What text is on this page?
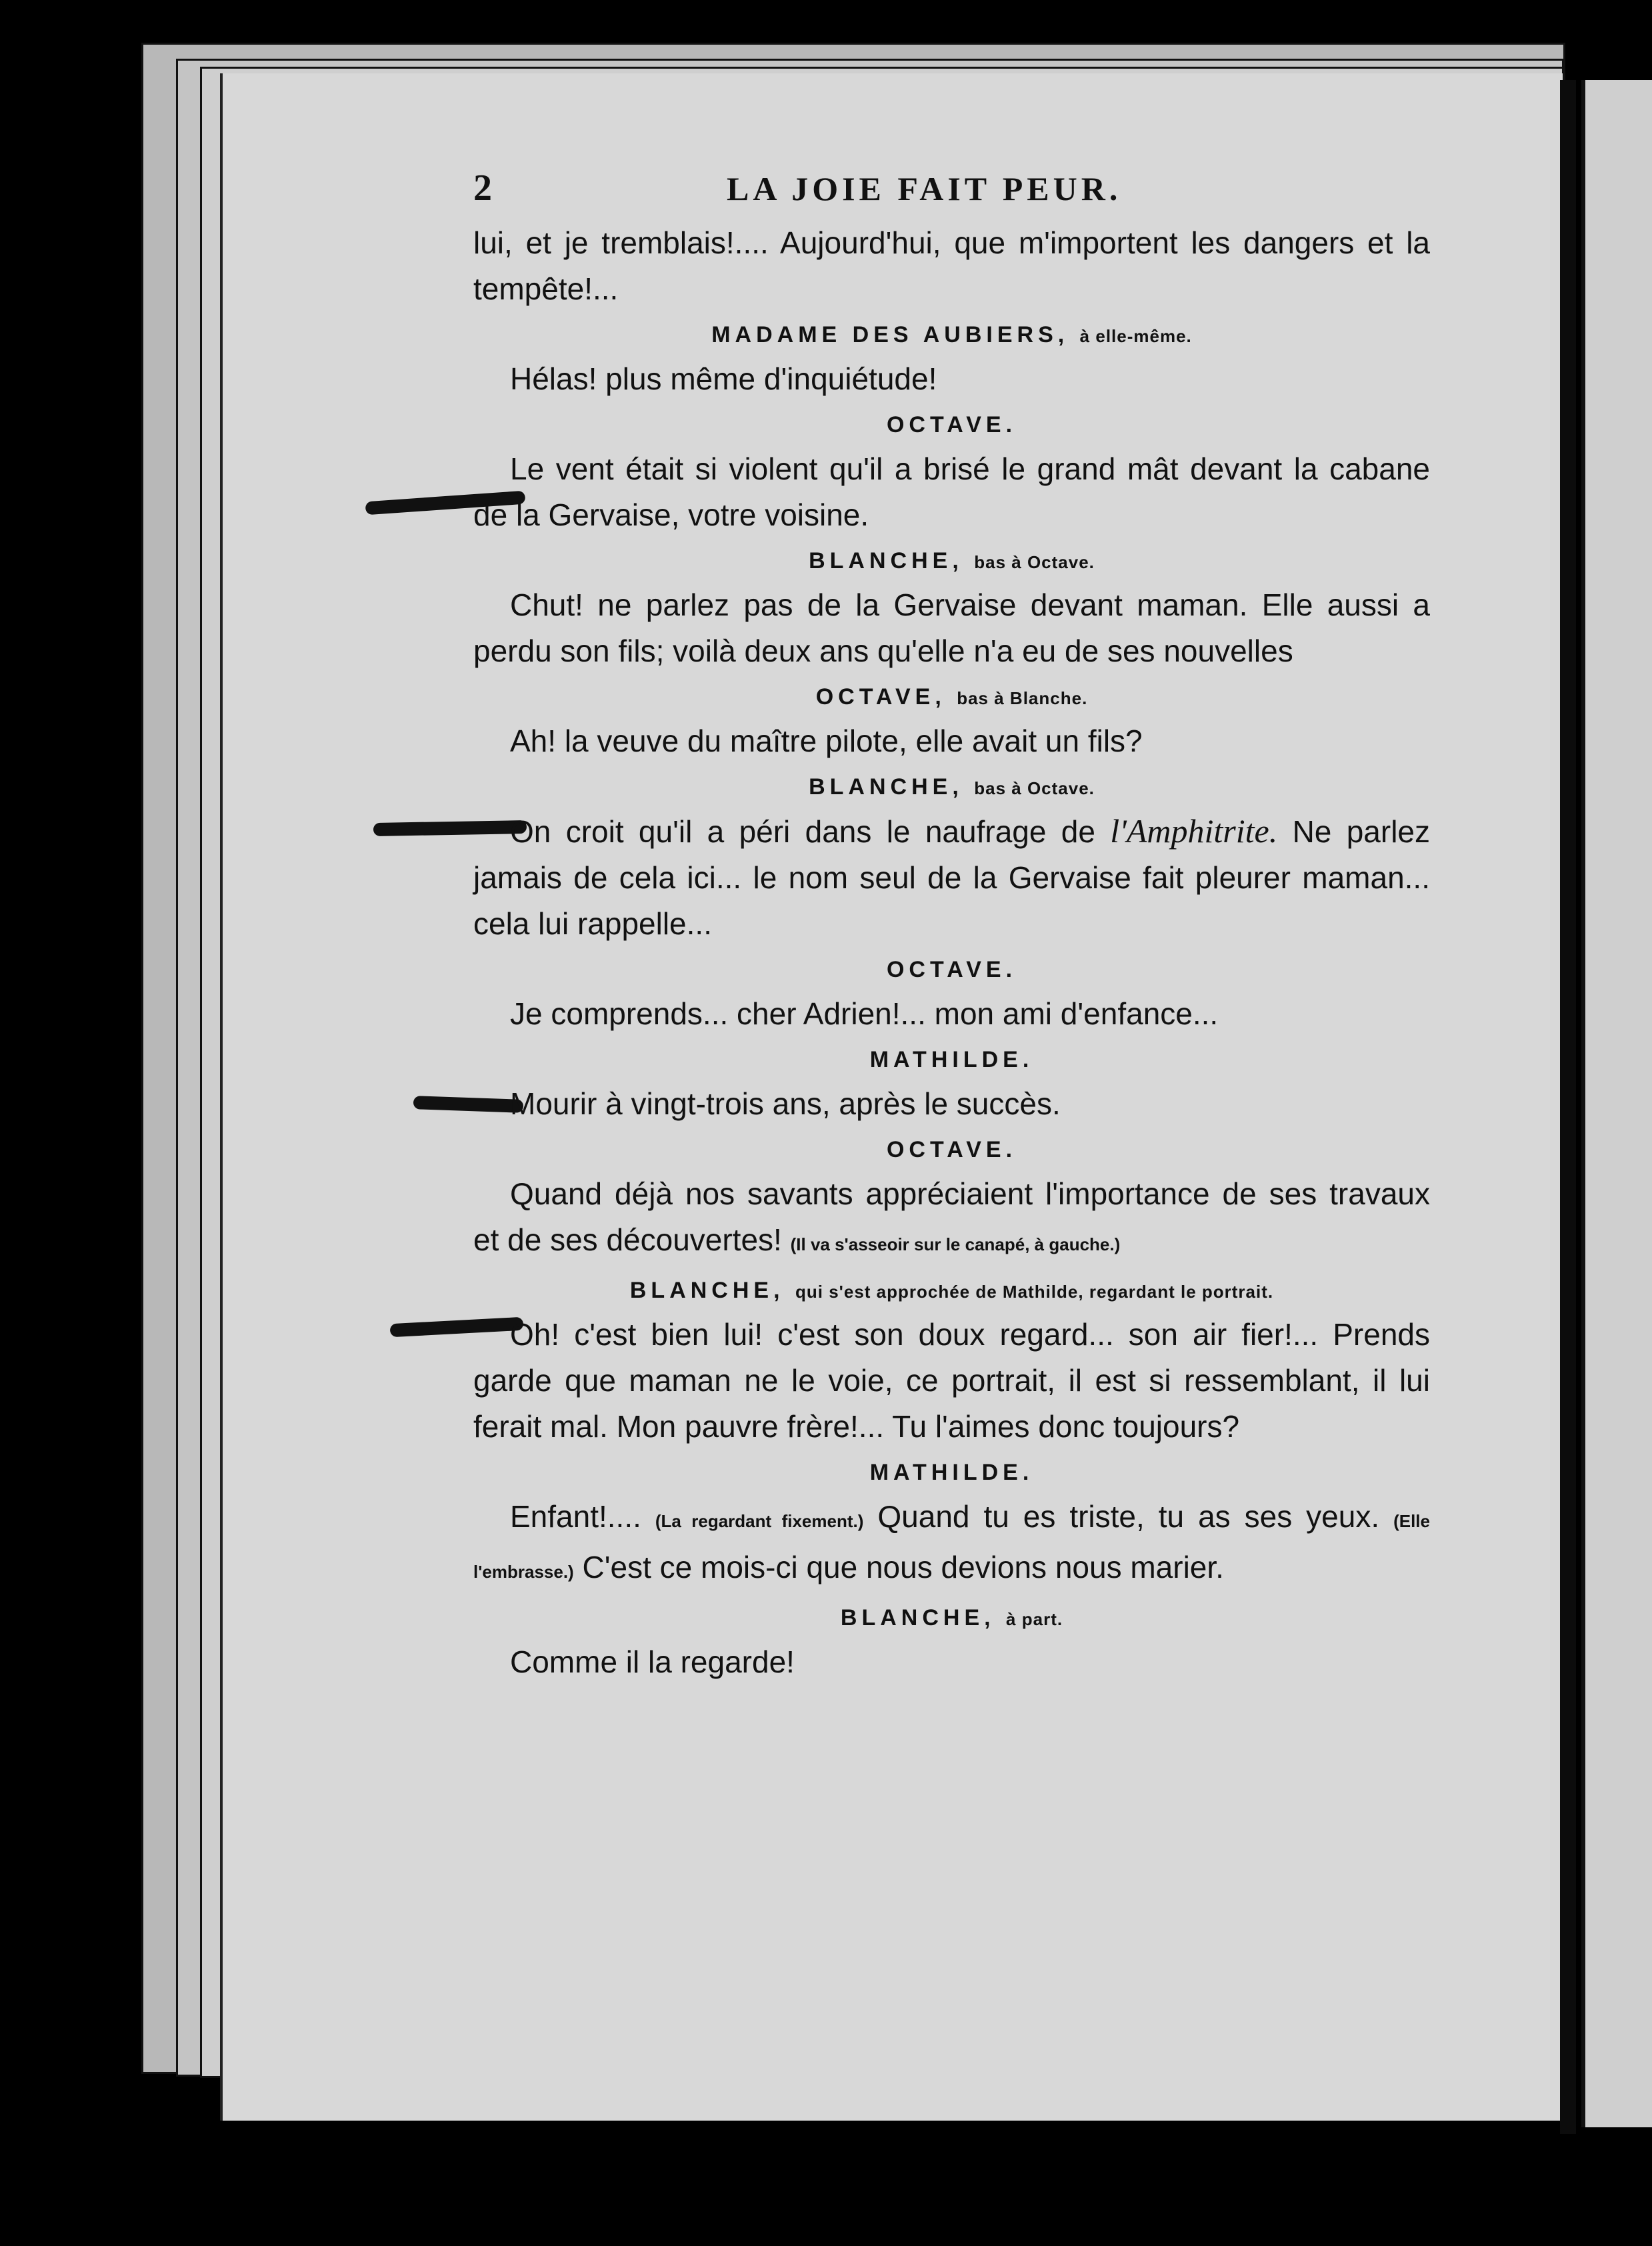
2	LA JOIE FAIT PEUR.
lui, et je tremblais!.... Aujourd'hui, que m'importent les dangers et la tempête!...
MADAME DES AUBIERS, à elle-même.
Hélas! plus même d'inquiétude!
OCTAVE.
Le vent était si violent qu'il a brisé le grand mât devant la cabane de la Gervaise, votre voisine.
BLANCHE, bas à Octave.
Chut! ne parlez pas de la Gervaise devant maman. Elle aussi a perdu son fils; voilà deux ans qu'elle n'a eu de ses nouvelles
OCTAVE, bas à Blanche.
Ah! la veuve du maître pilote, elle avait un fils?
BLANCHE, bas à Octave.
On croit qu'il a péri dans le naufrage de l'Amphitrite. Ne parlez jamais de cela ici... le nom seul de la Gervaise fait pleurer maman... cela lui rappelle...
OCTAVE.
Je comprends... cher Adrien!... mon ami d'enfance...
MATHILDE.
Mourir à vingt-trois ans, après le succès.
OCTAVE.
Quand déjà nos savants appréciaient l'importance de ses travaux et de ses découvertes! (Il va s'asseoir sur le canapé, à gauche.)
BLANCHE, qui s'est approchée de Mathilde, regardant le portrait.
Oh! c'est bien lui! c'est son doux regard... son air fier!... Prends garde que maman ne le voie, ce portrait, il est si ressemblant, il lui ferait mal. Mon pauvre frère!... Tu l'aimes donc toujours?
MATHILDE.
Enfant!.... (La regardant fixement.) Quand tu es triste, tu as ses yeux. (Elle l'embrasse.) C'est ce mois-ci que nous devions nous marier.
BLANCHE, à part.
Comme il la regarde!
